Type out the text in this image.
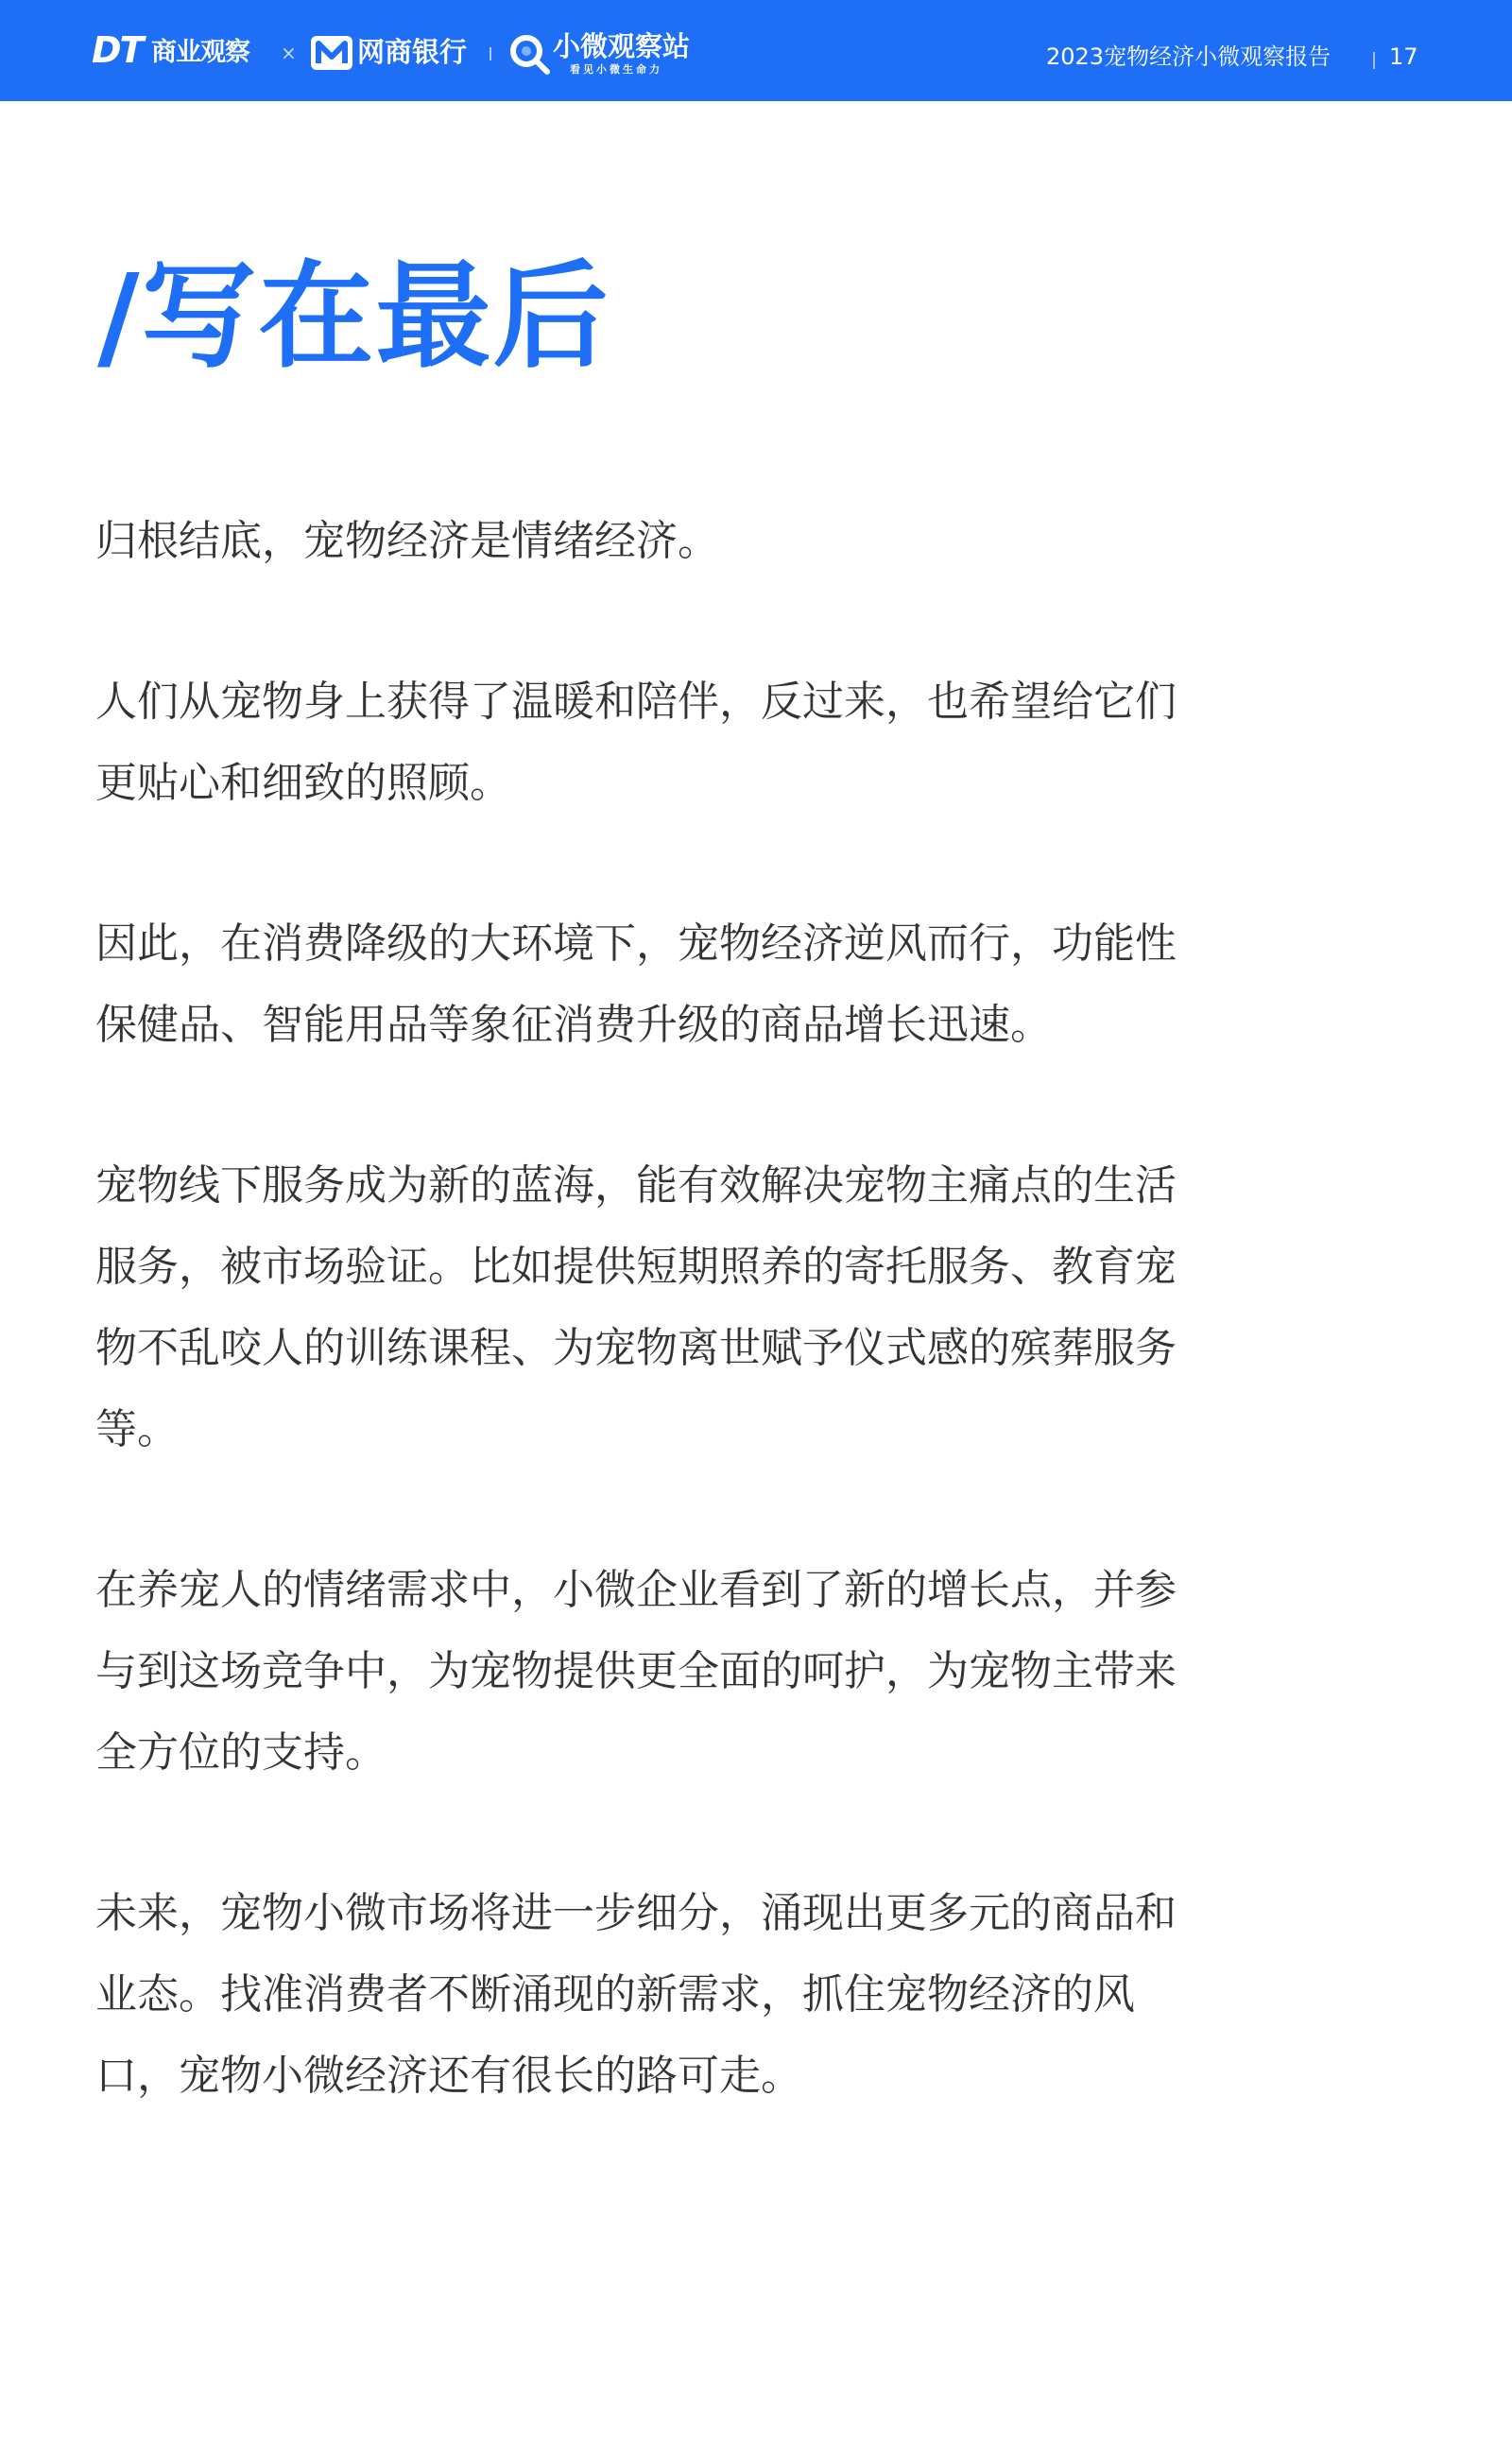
DT 商业观察 × 网商银行	小微观察站
看见小微生命力	2023宠物经济小微观察报告	17
/写在最后

归根结底，宠物经济是情绪经济。

人们从宠物身上获得了温暖和陪伴，反过来，也希望给它们更贴心和细致的照顾。

因此，在消费降级的大环境下，宠物经济逆风而行，功能性保健品、智能用品等象征消费升级的商品增长迅速。

宠物线下服务成为新的蓝海，能有效解决宠物主痛点的生活服务，被市场验证。比如提供短期照养的寄托服务、教育宠物不乱咬人的训练课程、为宠物离世赋予仪式感的殡葬服务等。

在养宠人的情绪需求中，小微企业看到了新的增长点，并参与到这场竞争中，为宠物提供更全面的呵护，为宠物主带来全方位的支持。

未来，宠物小微市场将进一步细分，涌现出更多元的商品和业态。找准消费者不断涌现的新需求，抓住宠物经济的风口，宠物小微经济还有很长的路可走。
